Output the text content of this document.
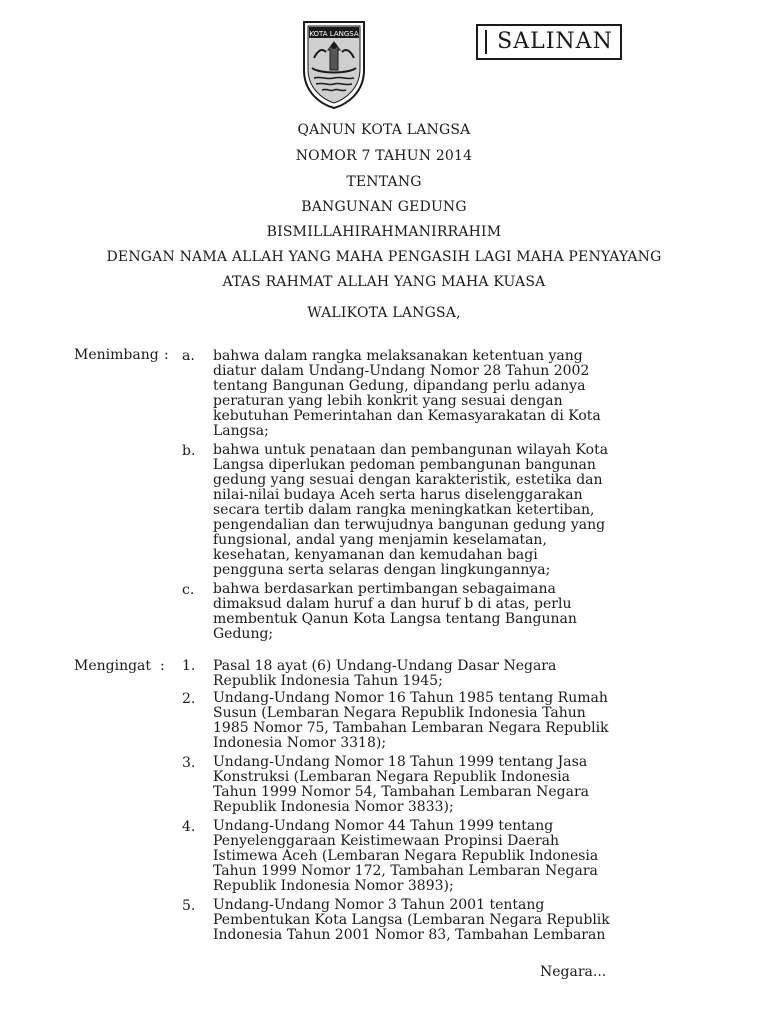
KOTA LANGSA	SALINAN
QANUN KOTA LANGSA
NOMOR 7 TAHUN 2014
TENTANG
BANGUNAN GEDUNG
BISMILLAHIRAHMANIRRAHIM
DENGAN NAMA ALLAH YANG MAHA PENGASIH LAGI MAHA PENYAYANG
ATAS RAHMAT ALLAH YANG MAHA KUASA
WALIKOTA LANGSA,
Menimbang : a.	bahwa dalam rangka melaksanakan ketentuan yang
diatur dalam Undang-Undang Nomor 28 Tahun 2002
tentang Bangunan Gedung, dipandang perlu adanya
peraturan yang lebih konkrit yang sesuai dengan
kebutuhan Pemerintahan dan Kemasyarakatan di Kota
Langsa;
b.	bahwa untuk penataan dan pembangunan wilayah Kota
Langsa diperlukan pedoman pembangunan bangunan
gedung yang sesuai dengan karakteristik, estetika dan
nilai-nilai budaya Aceh serta harus diselenggarakan
secara tertib dalam rangka meningkatkan ketertiban,
pengendalian dan terwujudnya bangunan gedung yang
fungsional, andal yang menjamin keselamatan,
kesehatan, kenyamanan dan kemudahan bagi
pengguna serta selaras dengan lingkungannya;
c.	bahwa berdasarkan pertimbangan sebagaimana
dimaksud dalam huruf a dan huruf b di atas, perlu
membentuk Qanun Kota Langsa tentang Bangunan
Gedung;
Mengingat : 1.	Pasal 18 ayat (6) Undang-Undang Dasar Negara
Republik Indonesia Tahun 1945;
2.	Undang-Undang Nomor 16 Tahun 1985 tentang Rumah
Susun (Lembaran Negara Republik Indonesia Tahun
1985 Nomor 75, Tambahan Lembaran Negara Republik
Indonesia Nomor 3318);
3.	Undang-Undang Nomor 18 Tahun 1999 tentang Jasa
Konstruksi (Lembaran Negara Republik Indonesia
Tahun 1999 Nomor 54, Tambahan Lembaran Negara
Republik Indonesia Nomor 3833);
4.	Undang-Undang Nomor 44 Tahun 1999 tentang
Penyelenggaraan Keistimewaan Propinsi Daerah
Istimewa Aceh (Lembaran Negara Republik Indonesia
Tahun 1999 Nomor 172, Tambahan Lembaran Negara
Republik Indonesia Nomor 3893);
5.	Undang-Undang Nomor 3 Tahun 2001 tentang
Pembentukan Kota Langsa (Lembaran Negara Republik
Indonesia Tahun 2001 Nomor 83, Tambahan Lembaran
Negara...
